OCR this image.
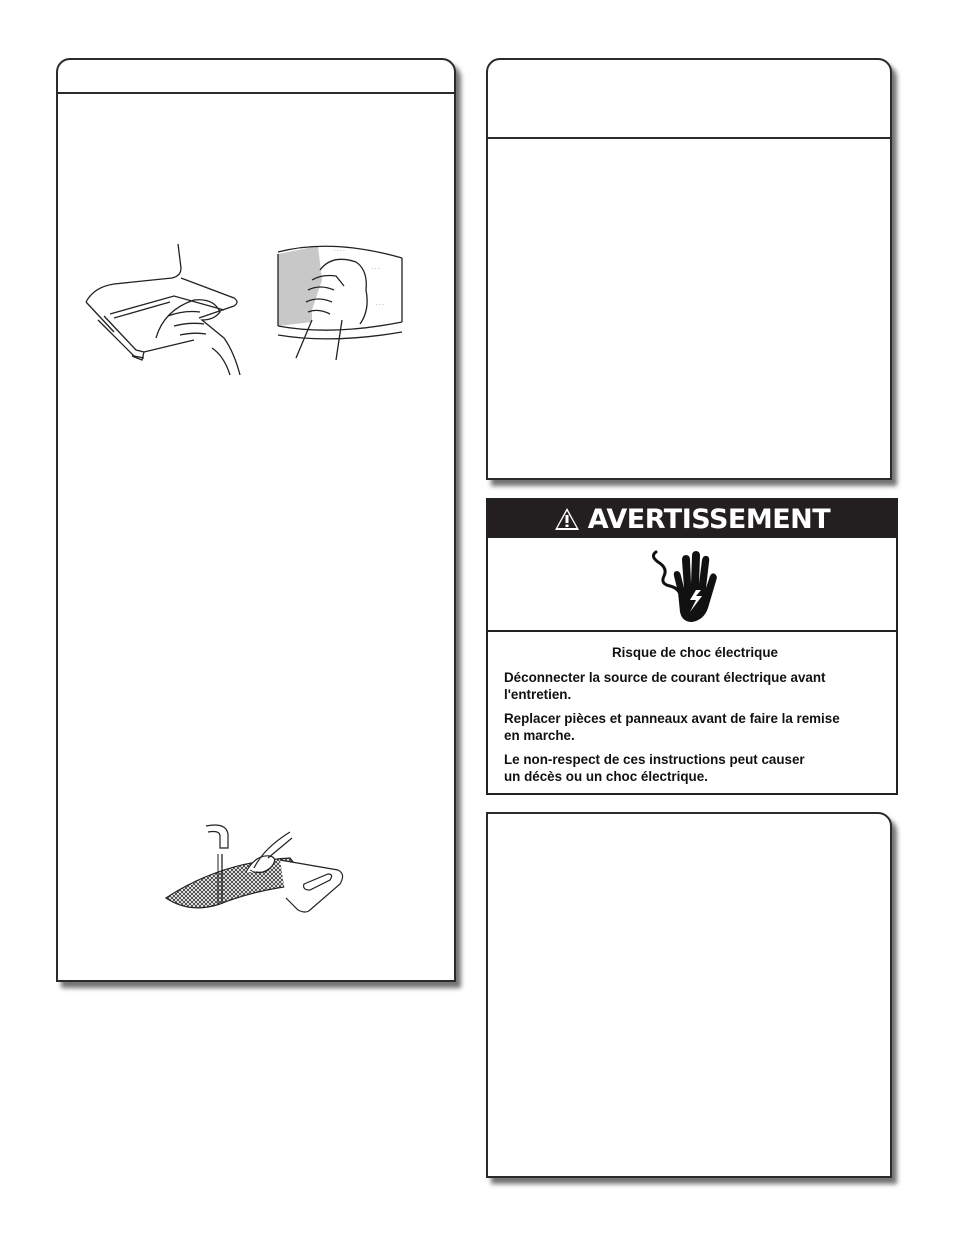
· · · ·
· · ·
· · ·
AVERTISSEMENT
Risque de choc électrique

Déconnecter la source de courant électrique avant
l'entretien.

Replacer pièces et panneaux avant de faire la remise
en marche.

Le non-respect de ces instructions peut causer
un décès ou un choc électrique.
